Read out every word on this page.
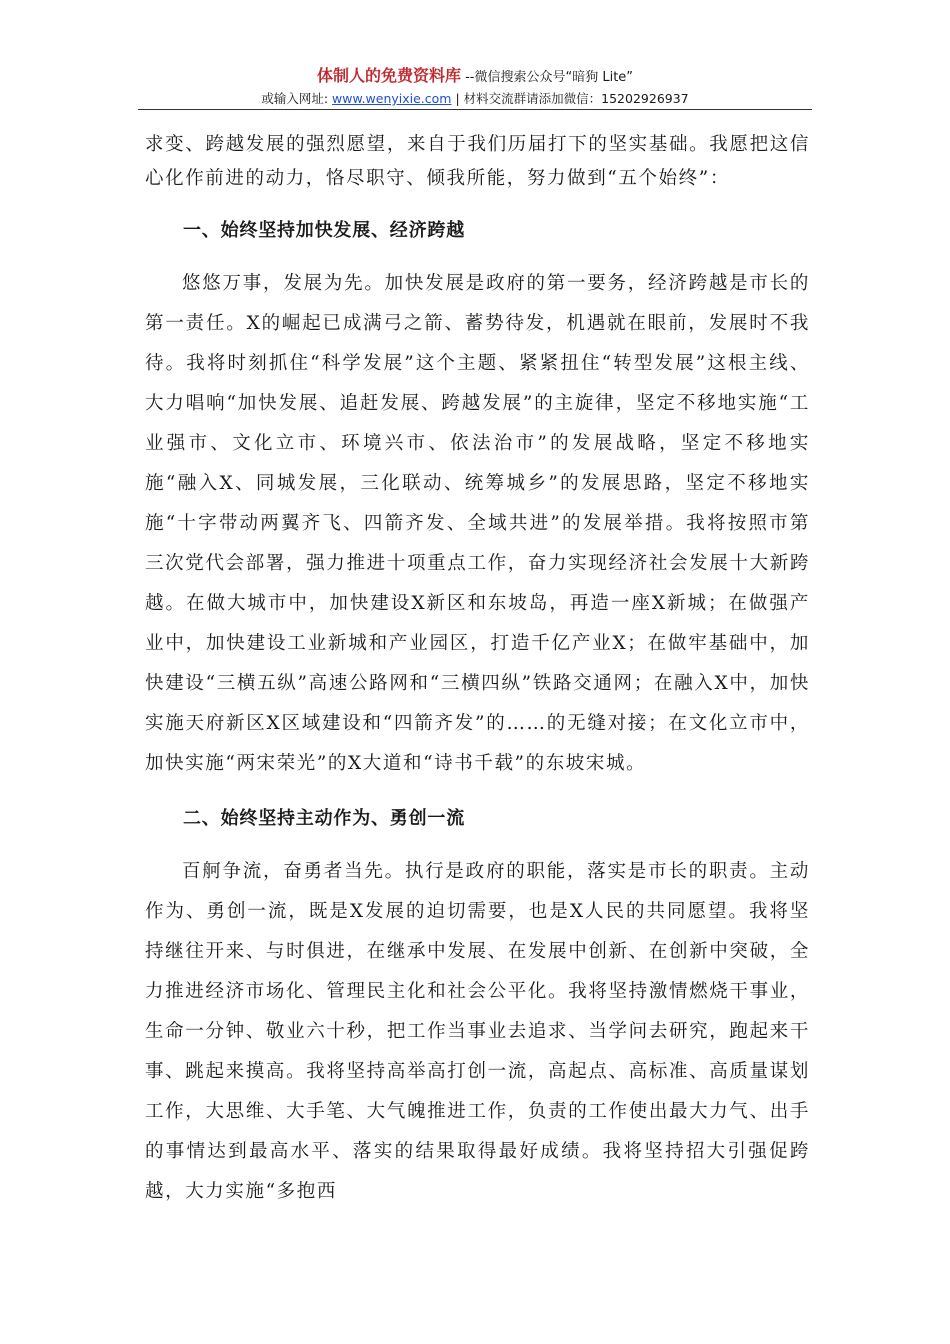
体制人的免费资料库 --微信搜索公众号“暗狗 Lite”
或输入网址: www.wenyixie.com | 材料交流群请添加微信：15202926937

求变、跨越发展的强烈愿望，来自于我们历届打下的坚实基础。我愿把这信心化作前进的动力，恪尽职守、倾我所能，努力做到“五个始终”：

一、始终坚持加快发展、经济跨越

悠悠万事，发展为先。加快发展是政府的第一要务，经济跨越是市长的第一责任。X的崛起已成满弓之箭、蓄势待发，机遇就在眼前，发展时不我待。我将时刻抓住“科学发展”这个主题、紧紧扭住“转型发展”这根主线、大力唱响“加快发展、追赶发展、跨越发展”的主旋律，坚定不移地实施“工业强市、文化立市、环境兴市、依法治市”的发展战略，坚定不移地实施“融入X、同城发展，三化联动、统筹城乡”的发展思路，坚定不移地实施“十字带动两翼齐飞、四箭齐发、全域共进”的发展举措。我将按照市第三次党代会部署，强力推进十项重点工作，奋力实现经济社会发展十大新跨越。在做大城市中，加快建设X新区和东坡岛，再造一座X新城；在做强产业中，加快建设工业新城和产业园区，打造千亿产业X；在做牢基础中，加快建设“三横五纵”高速公路网和“三横四纵”铁路交通网；在融入X中，加快实施天府新区X区域建设和“四箭齐发”的……的无缝对接；在文化立市中，加快实施“两宋荣光”的X大道和“诗书千载”的东坡宋城。

二、始终坚持主动作为、勇创一流

百舸争流，奋勇者当先。执行是政府的职能，落实是市长的职责。主动作为、勇创一流，既是X发展的迫切需要，也是X人民的共同愿望。我将坚持继往开来、与时俱进，在继承中发展、在发展中创新、在创新中突破，全力推进经济市场化、管理民主化和社会公平化。我将坚持激情燃烧干事业，生命一分钟、敬业六十秒，把工作当事业去追求、当学问去研究，跑起来干事、跳起来摸高。我将坚持高举高打创一流，高起点、高标准、高质量谋划工作，大思维、大手笔、大气魄推进工作，负责的工作使出最大力气、出手的事情达到最高水平、落实的结果取得最好成绩。我将坚持招大引强促跨越，大力实施“多抱西
